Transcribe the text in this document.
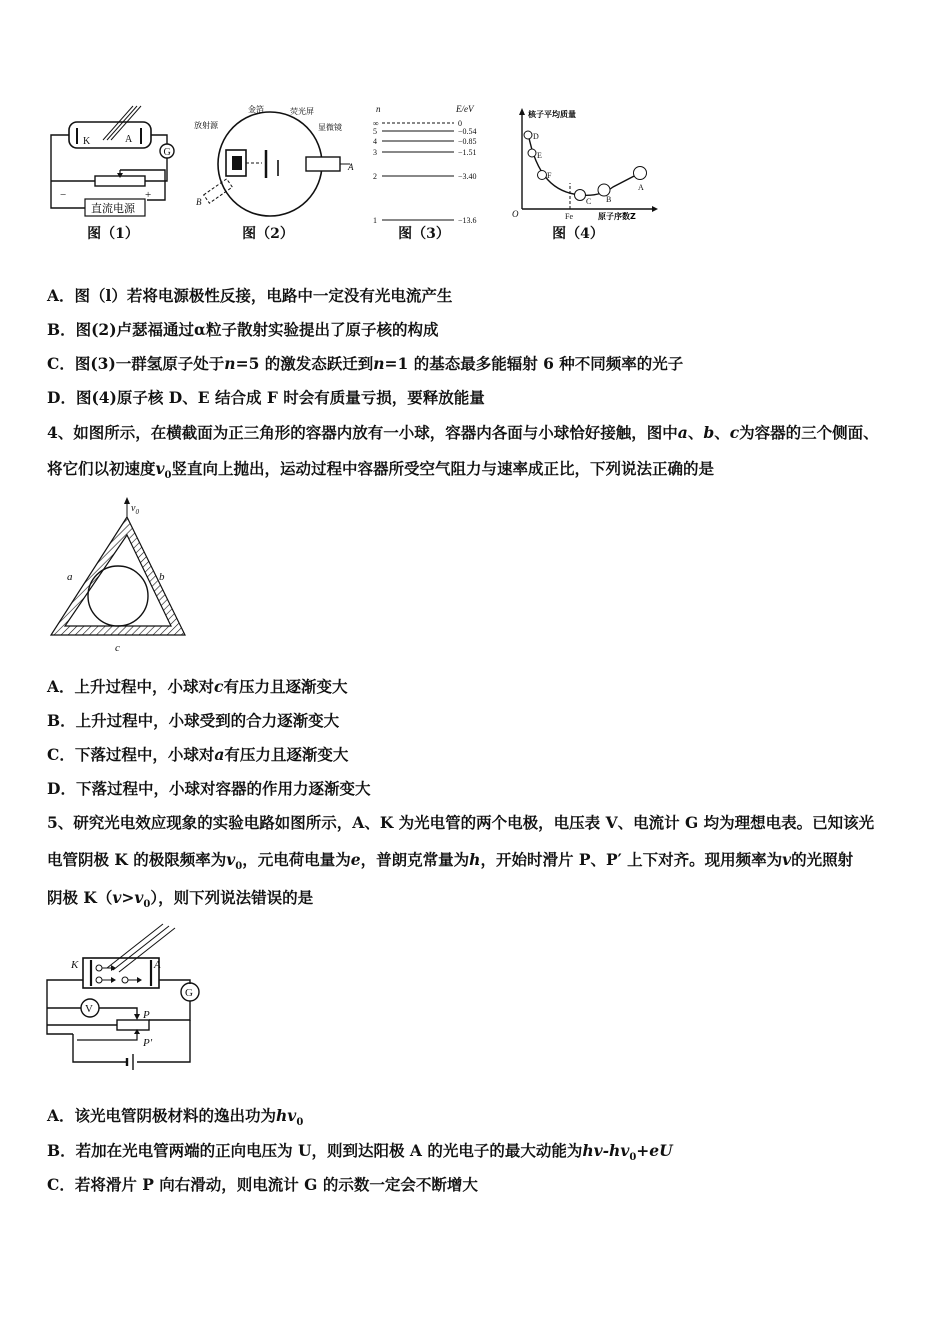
K	A
G
直流电源
−	+
图（1）
放射源
金箔	荧光屏
显微镜
A
B
图（2）
n	E/eV
∞	0
5	−0.54
4	−0.85
3	−1.51
2	−3.40
1	−13.6
图（3）
核子平均质量
原子序数Z
O	Fe
D
E
F
C B
A
图（4）
A．图（l）若将电源极性反接，电路中一定没有光电流产生
B．图(2)卢瑟福通过α粒子散射实验提出了原子核的构成
C．图(3)一群氢原子处于n=5 的激发态跃迁到n=1 的基态最多能辐射 6 种不同频率的光子
D．图(4)原子核 D、E 结合成 F 时会有质量亏损，要释放能量
4、如图所示，在横截面为正三角形的容器内放有一小球，容器内各面与小球恰好接触，图中a、b、c为容器的三个侧面、
将它们以初速度$v_0$竖直向上抛出，运动过程中容器所受空气阻力与速率成正比，下列说法正确的是
$v_0$
a	b
c
A．上升过程中，小球对c有压力且逐渐变大
B．上升过程中，小球受到的合力逐渐变大
C．下落过程中，小球对a有压力且逐渐变大
D．下落过程中，小球对容器的作用力逐渐变大
5、研究光电效应现象的实验电路如图所示，A、K 为光电管的两个电极，电压表 V、电流计 G 均为理想电表。已知该光
电管阴极 K 的极限频率为$v_0$，元电荷电量为e，普朗克常量为h，开始时滑片 P、P′ 上下对齐。现用频率为v的光照射
阴极 $K(v>v_0)$，则下列说法错误的是
K	A
G
V	P
P′
A．该光电管阴极材料的逸出功为$hv_0$
B．若加在光电管两端的正向电压为 U，则到达阳极 A 的光电子的最大动能为$hv-hv_0+eU$
C．若将滑片 P 向右滑动，则电流计 G 的示数一定会不断增大
